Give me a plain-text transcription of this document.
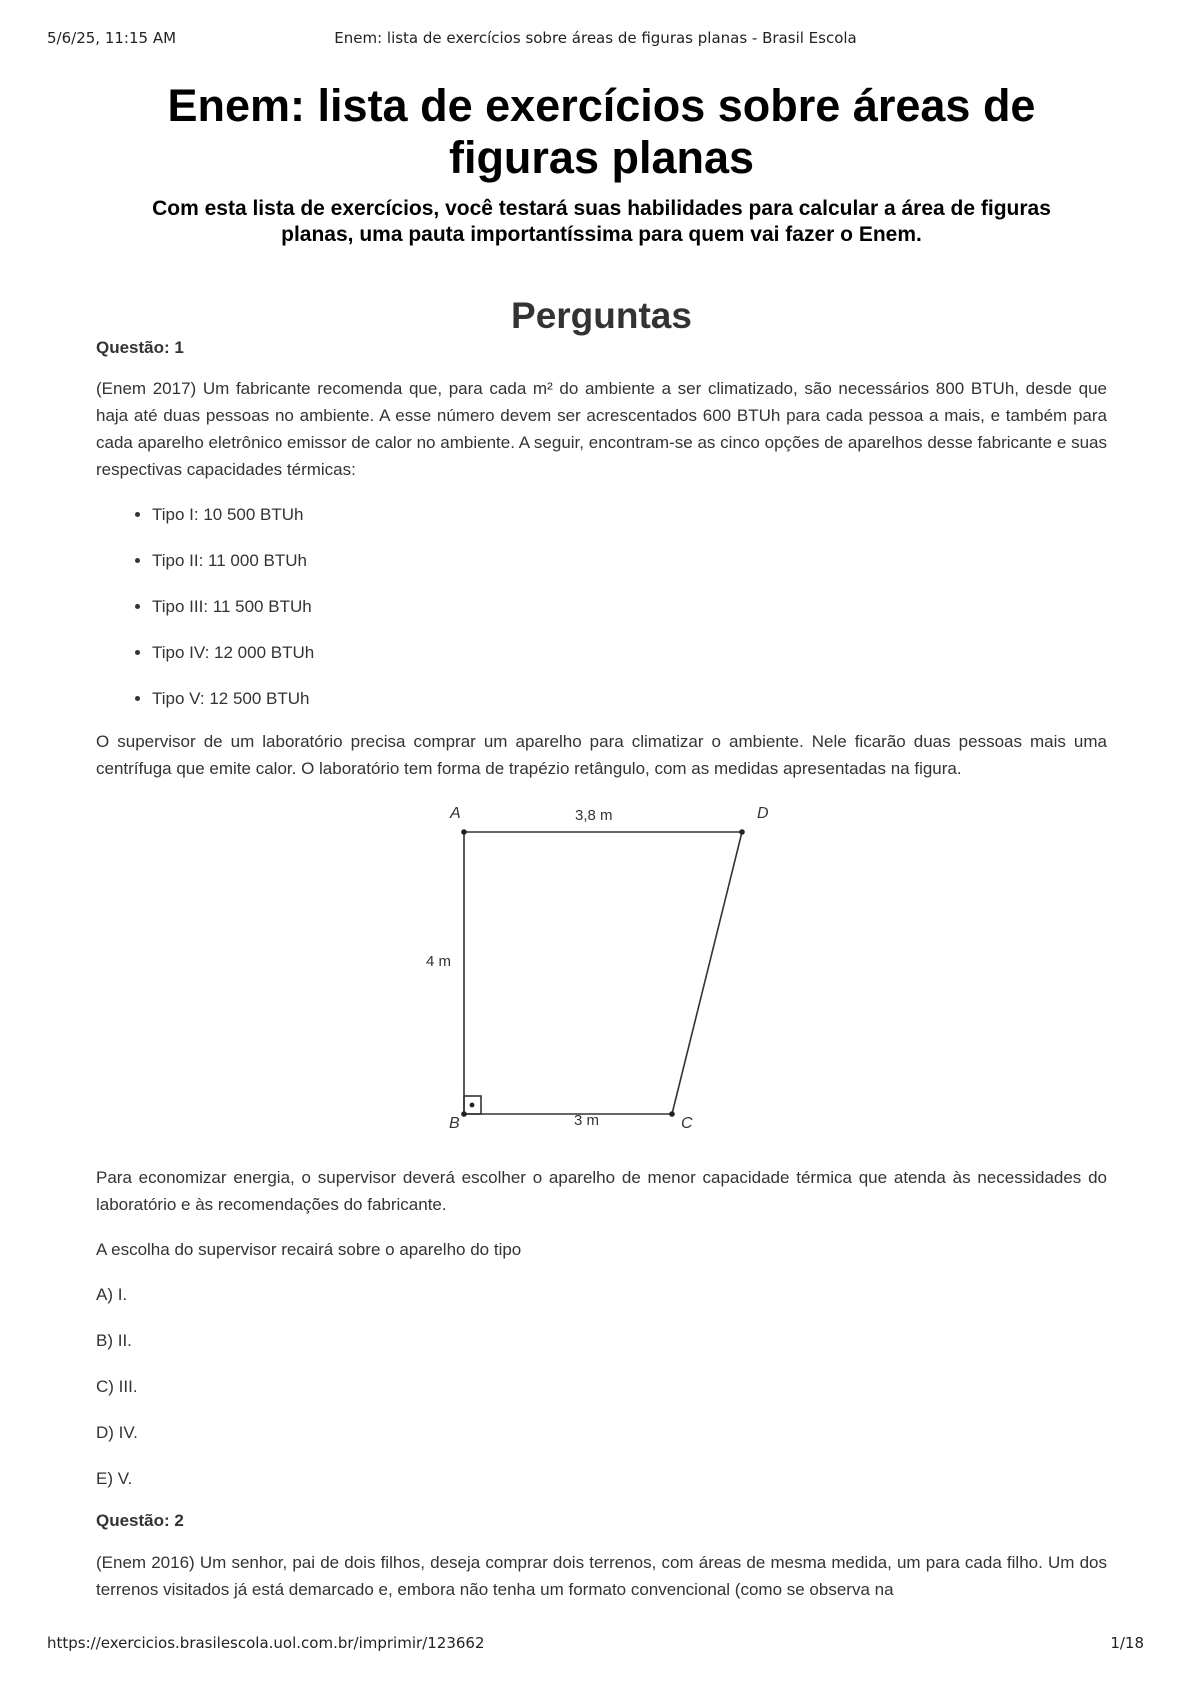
5/6/25, 11:15 AM	Enem: lista de exercícios sobre áreas de figuras planas - Brasil Escola
Enem: lista de exercícios sobre áreas de figuras planas

Com esta lista de exercícios, você testará suas habilidades para calcular a área de figuras planas, uma pauta importantíssima para quem vai fazer o Enem.

Perguntas
Questão: 1

(Enem 2017) Um fabricante recomenda que, para cada m² do ambiente a ser climatizado, são necessários 800 BTUh, desde que haja até duas pessoas no ambiente. A esse número devem ser acrescentados 600 BTUh para cada pessoa a mais, e também para cada aparelho eletrônico emissor de calor no ambiente. A seguir, encontram-se as cinco opções de aparelhos desse fabricante e suas respectivas capacidades térmicas:

• Tipo I: 10 500 BTUh
• Tipo II: 11 000 BTUh
• Tipo III: 11 500 BTUh
• Tipo IV: 12 000 BTUh
• Tipo V: 12 500 BTUh

O supervisor de um laboratório precisa comprar um aparelho para climatizar o ambiente. Nele ficarão duas pessoas mais uma centrífuga que emite calor. O laboratório tem forma de trapézio retângulo, com as medidas apresentadas na figura.

A	D
B	C
3,8 m
4 m
3 m

Para economizar energia, o supervisor deverá escolher o aparelho de menor capacidade térmica que atenda às necessidades do laboratório e às recomendações do fabricante.

A escolha do supervisor recairá sobre o aparelho do tipo

A) I.
B) II.
C) III.
D) IV.
E) V.
Questão: 2

(Enem 2016) Um senhor, pai de dois filhos, deseja comprar dois terrenos, com áreas de mesma medida, um para cada filho. Um dos terrenos visitados já está demarcado e, embora não tenha um formato convencional (como se observa na

https://exercicios.brasilescola.uol.com.br/imprimir/123662	1/18
